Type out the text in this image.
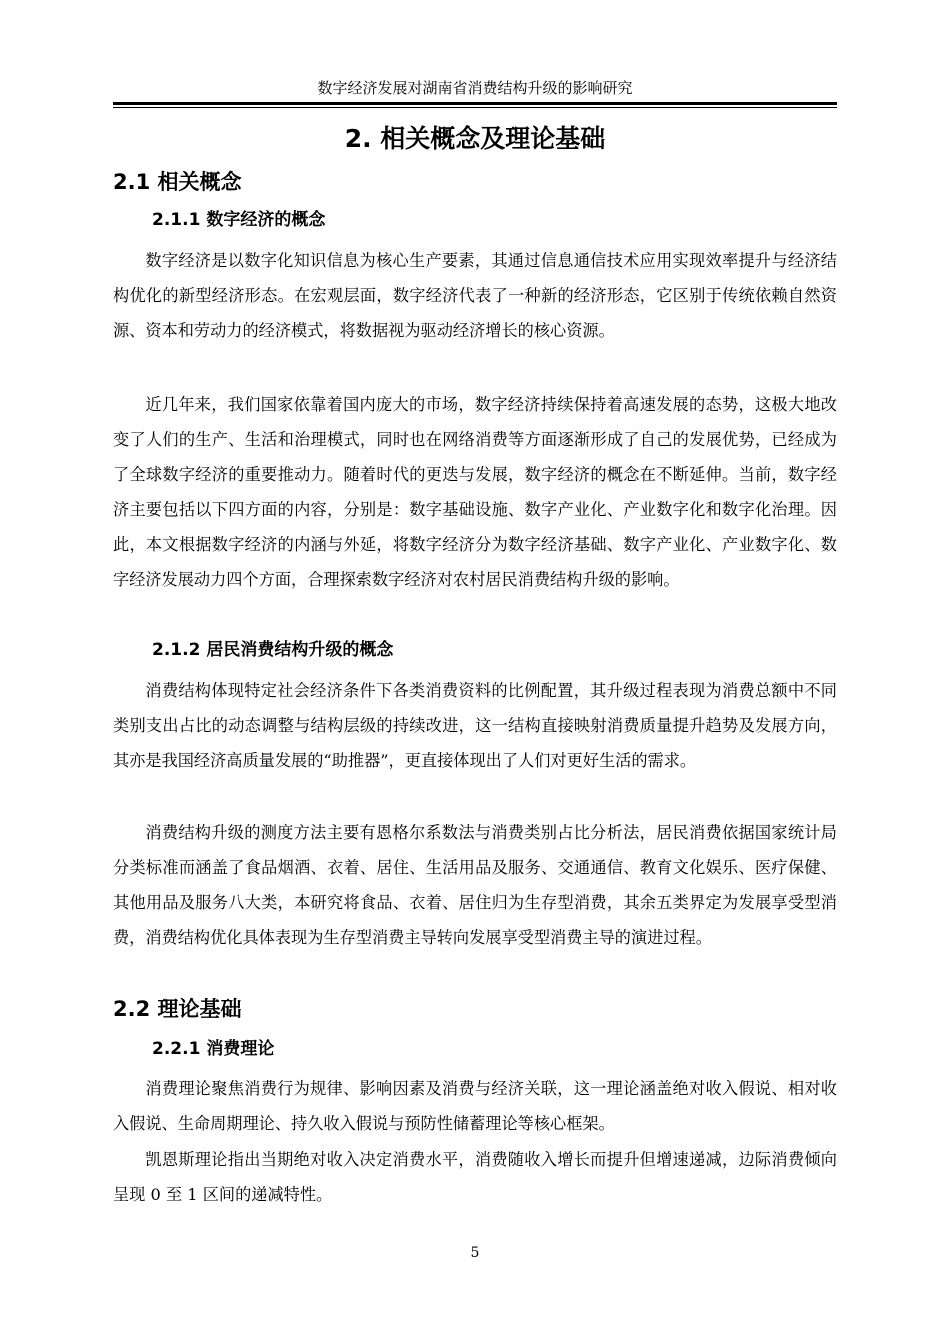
数字经济发展对湖南省消费结构升级的影响研究
2. 相关概念及理论基础
2.1 相关概念
2.1.1 数字经济的概念

数字经济是以数字化知识信息为核心生产要素，其通过信息通信技术应用实现效率提升与经济结构优化的新型经济形态。在宏观层面，数字经济代表了一种新的经济形态，它区别于传统依赖自然资源、资本和劳动力的经济模式，将数据视为驱动经济增长的核心资源。

近几年来，我们国家依靠着国内庞大的市场，数字经济持续保持着高速发展的态势，这极大地改变了人们的生产、生活和治理模式，同时也在网络消费等方面逐渐形成了自己的发展优势，已经成为了全球数字经济的重要推动力。随着时代的更迭与发展，数字经济的概念在不断延伸。当前，数字经济主要包括以下四方面的内容，分别是：数字基础设施、数字产业化、产业数字化和数字化治理。因此，本文根据数字经济的内涵与外延，将数字经济分为数字经济基础、数字产业化、产业数字化、数字经济发展动力四个方面，合理探索数字经济对农村居民消费结构升级的影响。

2.1.2 居民消费结构升级的概念

消费结构体现特定社会经济条件下各类消费资料的比例配置，其升级过程表现为消费总额中不同类别支出占比的动态调整与结构层级的持续改进，这一结构直接映射消费质量提升趋势及发展方向，其亦是我国经济高质量发展的“助推器”，更直接体现出了人们对更好生活的需求。

消费结构升级的测度方法主要有恩格尔系数法与消费类别占比分析法，居民消费依据国家统计局分类标准而涵盖了食品烟酒、衣着、居住、生活用品及服务、交通通信、教育文化娱乐、医疗保健、其他用品及服务八大类，本研究将食品、衣着、居住归为生存型消费，其余五类界定为发展享受型消费，消费结构优化具体表现为生存型消费主导转向发展享受型消费主导的演进过程。

2.2 理论基础
2.2.1 消费理论

消费理论聚焦消费行为规律、影响因素及消费与经济关联，这一理论涵盖绝对收入假说、相对收入假说、生命周期理论、持久收入假说与预防性储蓄理论等核心框架。

凯恩斯理论指出当期绝对收入决定消费水平，消费随收入增长而提升但增速递减，边际消费倾向呈现 0 至 1 区间的递减特性。

5
